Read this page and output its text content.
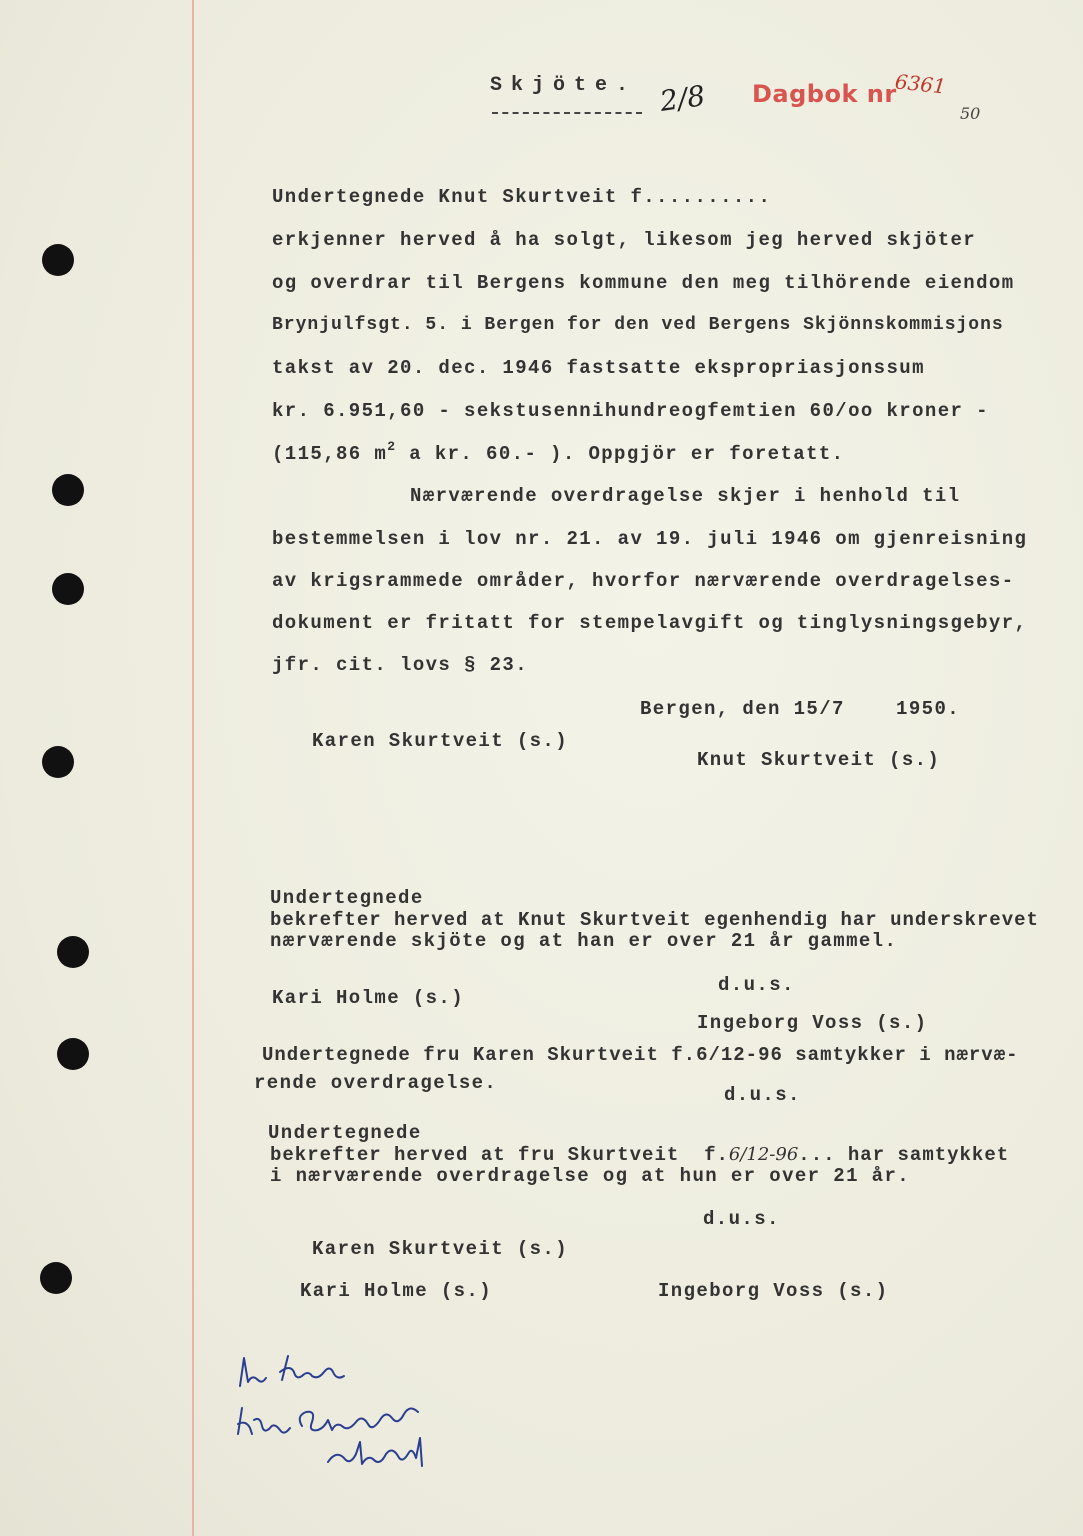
Skjöte. 2/8 Dagbok nr
6361
50
Undertegnede Knut Skurtveit f..........
erkjenner herved å ha solgt, likesom jeg herved skjöter
og overdrar til Bergens kommune den meg tilhörende eiendom
Brynjulfsgt. 5. i Bergen for den ved Bergens Skjönnskommisjons
takst av 20. dec. 1946 fastsatte ekspropriasjonssum
kr. 6.951,60 - sekstusennihundreogfemtien 60/oo kroner -
(115,86 $m^2$ a kr. 60.- ). Oppgjör er foretatt.
Nærværende overdragelse skjer i henhold til
bestemmelsen i lov nr. 21. av 19. juli 1946 om gjenreisning
av krigsrammede områder, hvorfor nærværende overdragelses-
dokument er fritatt for stempelavgift og tinglysningsgebyr,
jfr. cit. lovs § 23.
Bergen, den 15/7    1950.
Karen Skurtveit (s.)
Knut Skurtveit (s.)
Undertegnede
bekrefter herved at Knut Skurtveit egenhendig har underskrevet
nærværende skjöte og at han er over 21 år gammel.
d.u.s.
Kari Holme (s.)
Ingeborg Voss (s.)
Undertegnede fru Karen Skurtveit f.6/12-96 samtykker i nærvæ-
rende overdragelse.
d.u.s.
Undertegnede
bekrefter herved at fru Skurtveit  f.6/12-96... har samtykket
i nærværende overdragelse og at hun er over 21 år.
d.u.s.
Karen Skurtveit (s.)
Kari Holme (s.)	Ingeborg Voss (s.)
